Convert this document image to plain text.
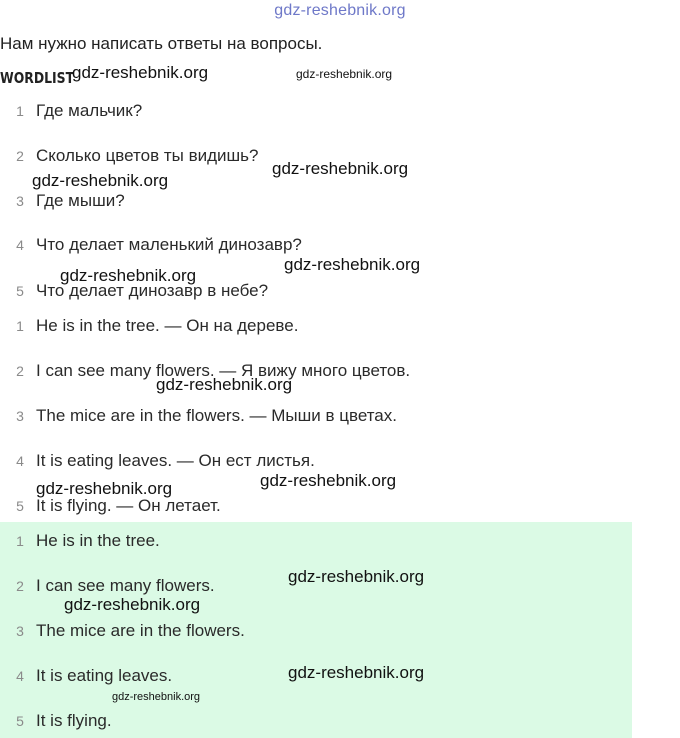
gdz-reshebnik.org
Нам нужно написать ответы на вопросы.
WORDLIST
1 Где мальчик?
2 Сколько цветов ты видишь?
3 Где мыши?
4 Что делает маленький динозавр?
5 Что делает динозавр в небе?
1 He is in the tree. — Он на дереве.
2 I can see many flowers. — Я вижу много цветов.
3 The mice are in the flowers. — Мыши в цветах.
4 It is eating leaves. — Он ест листья.
5 It is flying. — Он летает.
1 He is in the tree.
2 I can see many flowers.
3 The mice are in the flowers.
4 It is eating leaves.
5 It is flying.
gdz-reshebnik.org	gdz-reshebnik.org
gdz-reshebnik.org
gdz-reshebnik.org
gdz-reshebnik.org
gdz-reshebnik.org
gdz-reshebnik.org
gdz-reshebnik.org
gdz-reshebnik.org
gdz-reshebnik.org
gdz-reshebnik.org
gdz-reshebnik.org
gdz-reshebnik.org
